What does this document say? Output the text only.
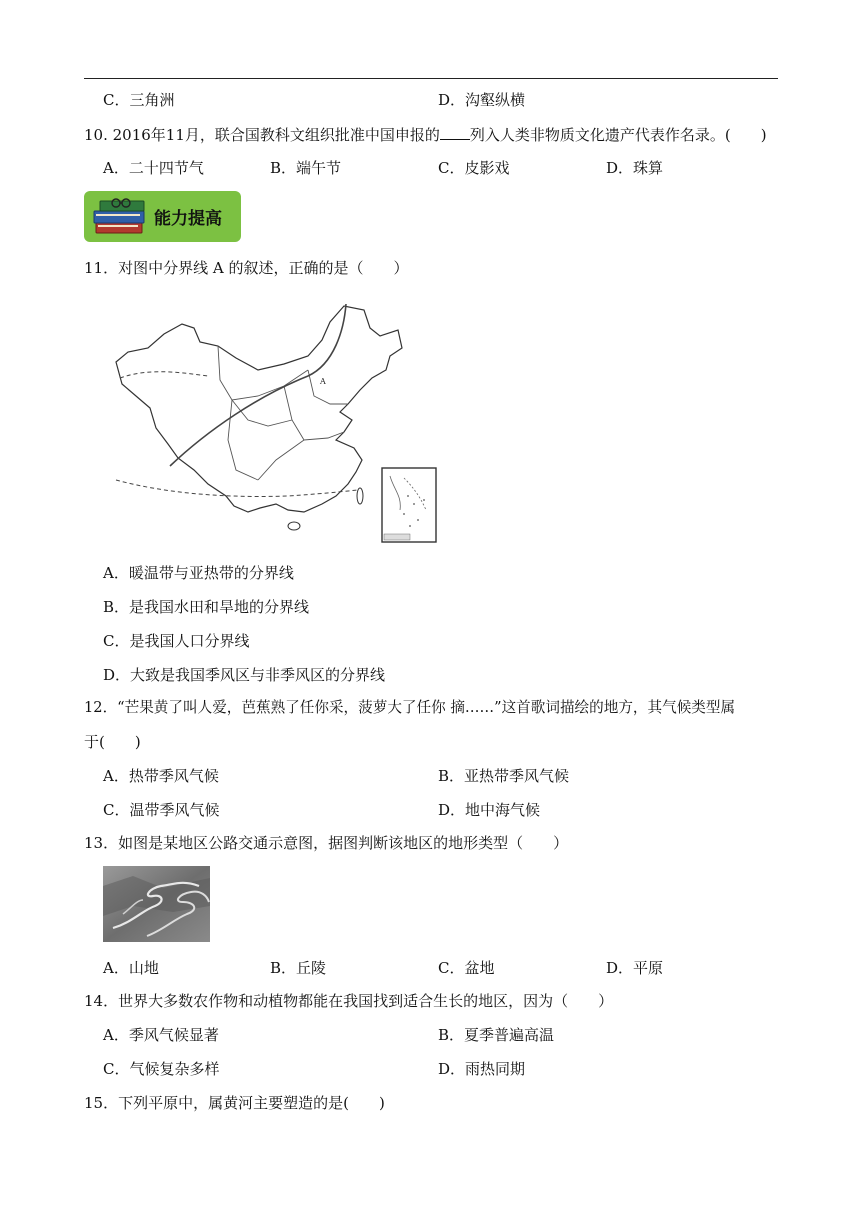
C．三角洲	D．沟壑纵横
10. 2016年11月，联合国教科文组织批准中国申报的 列入人类非物质文化遗产代表作名录。(　　)
A．二十四节气	B．端午节	C．皮影戏	D．珠算
能力提高
11．对图中分界线 A 的叙述，正确的是（　　）
A
A．暖温带与亚热带的分界线
B．是我国水田和旱地的分界线
C．是我国人口分界线
D．大致是我国季风区与非季风区的分界线
12．“芒果黄了叫人爱，芭蕉熟了任你采，菠萝大了任你 摘……”这首歌词描绘的地方，其气候类型属
于(　　)
A．热带季风气候	B．亚热带季风气候
C．温带季风气候	D．地中海气候
13．如图是某地区公路交通示意图，据图判断该地区的地形类型（　　）
A．山地	B．丘陵	C．盆地	D．平原
14．世界大多数农作物和动植物都能在我国找到适合生长的地区，因为（　　）
A．季风气候显著	B．夏季普遍高温
C．气候复杂多样	D．雨热同期
15．下列平原中，属黄河主要塑造的是(　　)
